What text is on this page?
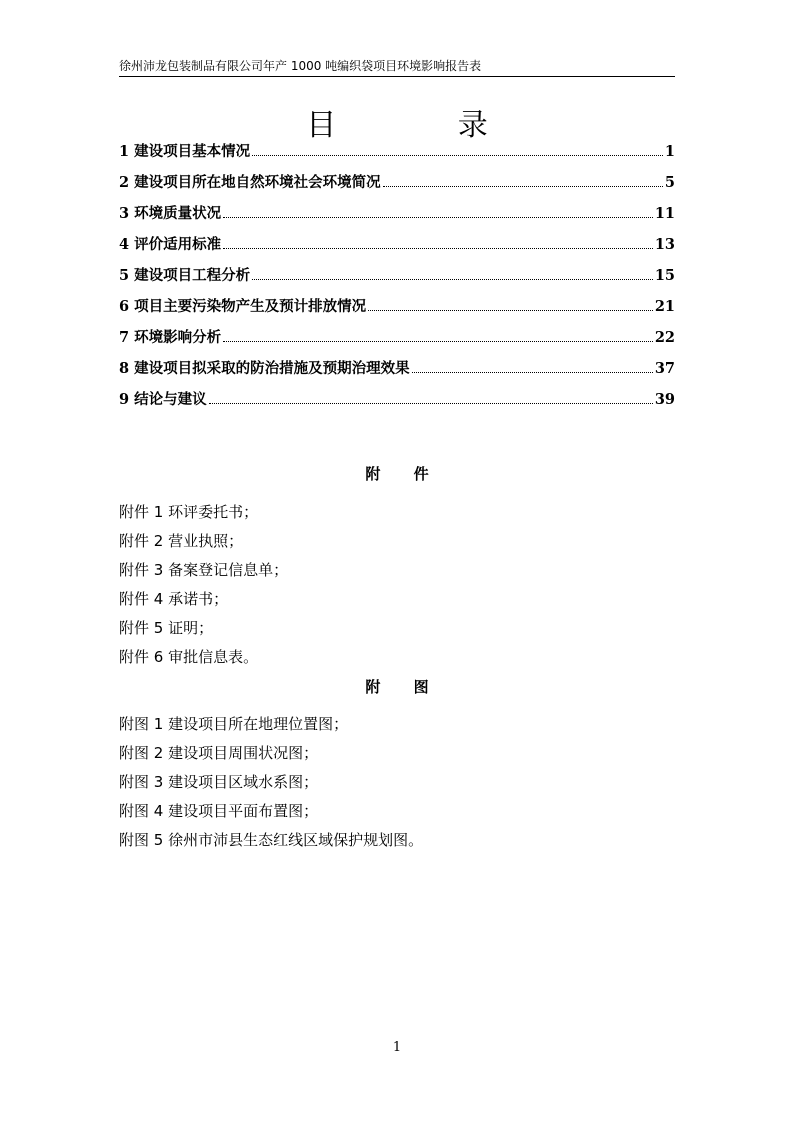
徐州沛龙包装制品有限公司年产 1000 吨编织袋项目环境影响报告表
目 录
1 建设项目基本情况	1
2 建设项目所在地自然环境社会环境简况	5
3 环境质量状况	11
4 评价适用标准	13
5 建设项目工程分析	15
6 项目主要污染物产生及预计排放情况	21
7 环境影响分析	22
8 建设项目拟采取的防治措施及预期治理效果	37
9 结论与建议	39
附 件
附件 1 环评委托书；
附件 2 营业执照；
附件 3 备案登记信息单；
附件 4 承诺书；
附件 5 证明；
附件 6 审批信息表。
附 图
附图 1 建设项目所在地理位置图；
附图 2 建设项目周围状况图；
附图 3 建设项目区域水系图；
附图 4 建设项目平面布置图；
附图 5 徐州市沛县生态红线区域保护规划图。
1
